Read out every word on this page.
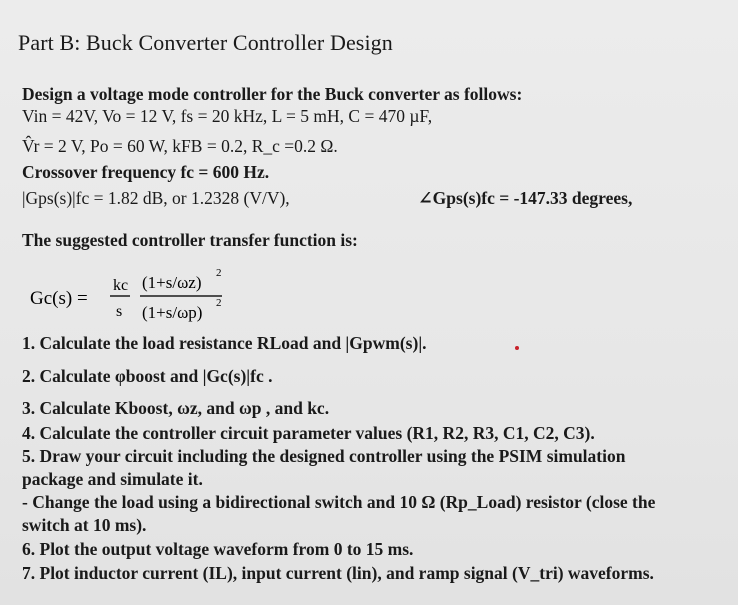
Part B: Buck Converter Controller Design
Design a voltage mode controller for the Buck converter as follows:
Vin = 42V, Vo = 12 V, fs = 20 kHz, L = 5 mH, C = 470 µF,
V̂r = 2 V, Po = 60 W, kFB = 0.2, R_c =0.2 Ω.
Crossover frequency fc = 600 Hz.
|Gps(s)|fc = 1.82 dB, or 1.2328 (V/V),	∠Gps(s)fc = -147.33 degrees,
The suggested controller transfer function is:
Gc(s) =
kc
s
(1+s/ωz) 2
(1+s/ωp) 2
1. Calculate the load resistance RLoad and |Gpwm(s)|.
2. Calculate φboost and |Gc(s)|fc .
3. Calculate Kboost, ωz, and ωp , and kc.
4. Calculate the controller circuit parameter values (R1, R2, R3, C1, C2, C3).
5. Draw your circuit including the designed controller using the PSIM simulation
package and simulate it.
- Change the load using a bidirectional switch and 10 Ω (Rp_Load) resistor (close the
switch at 10 ms).
6. Plot the output voltage waveform from 0 to 15 ms.
7. Plot inductor current (IL), input current (lin), and ramp signal (V_tri) waveforms.
